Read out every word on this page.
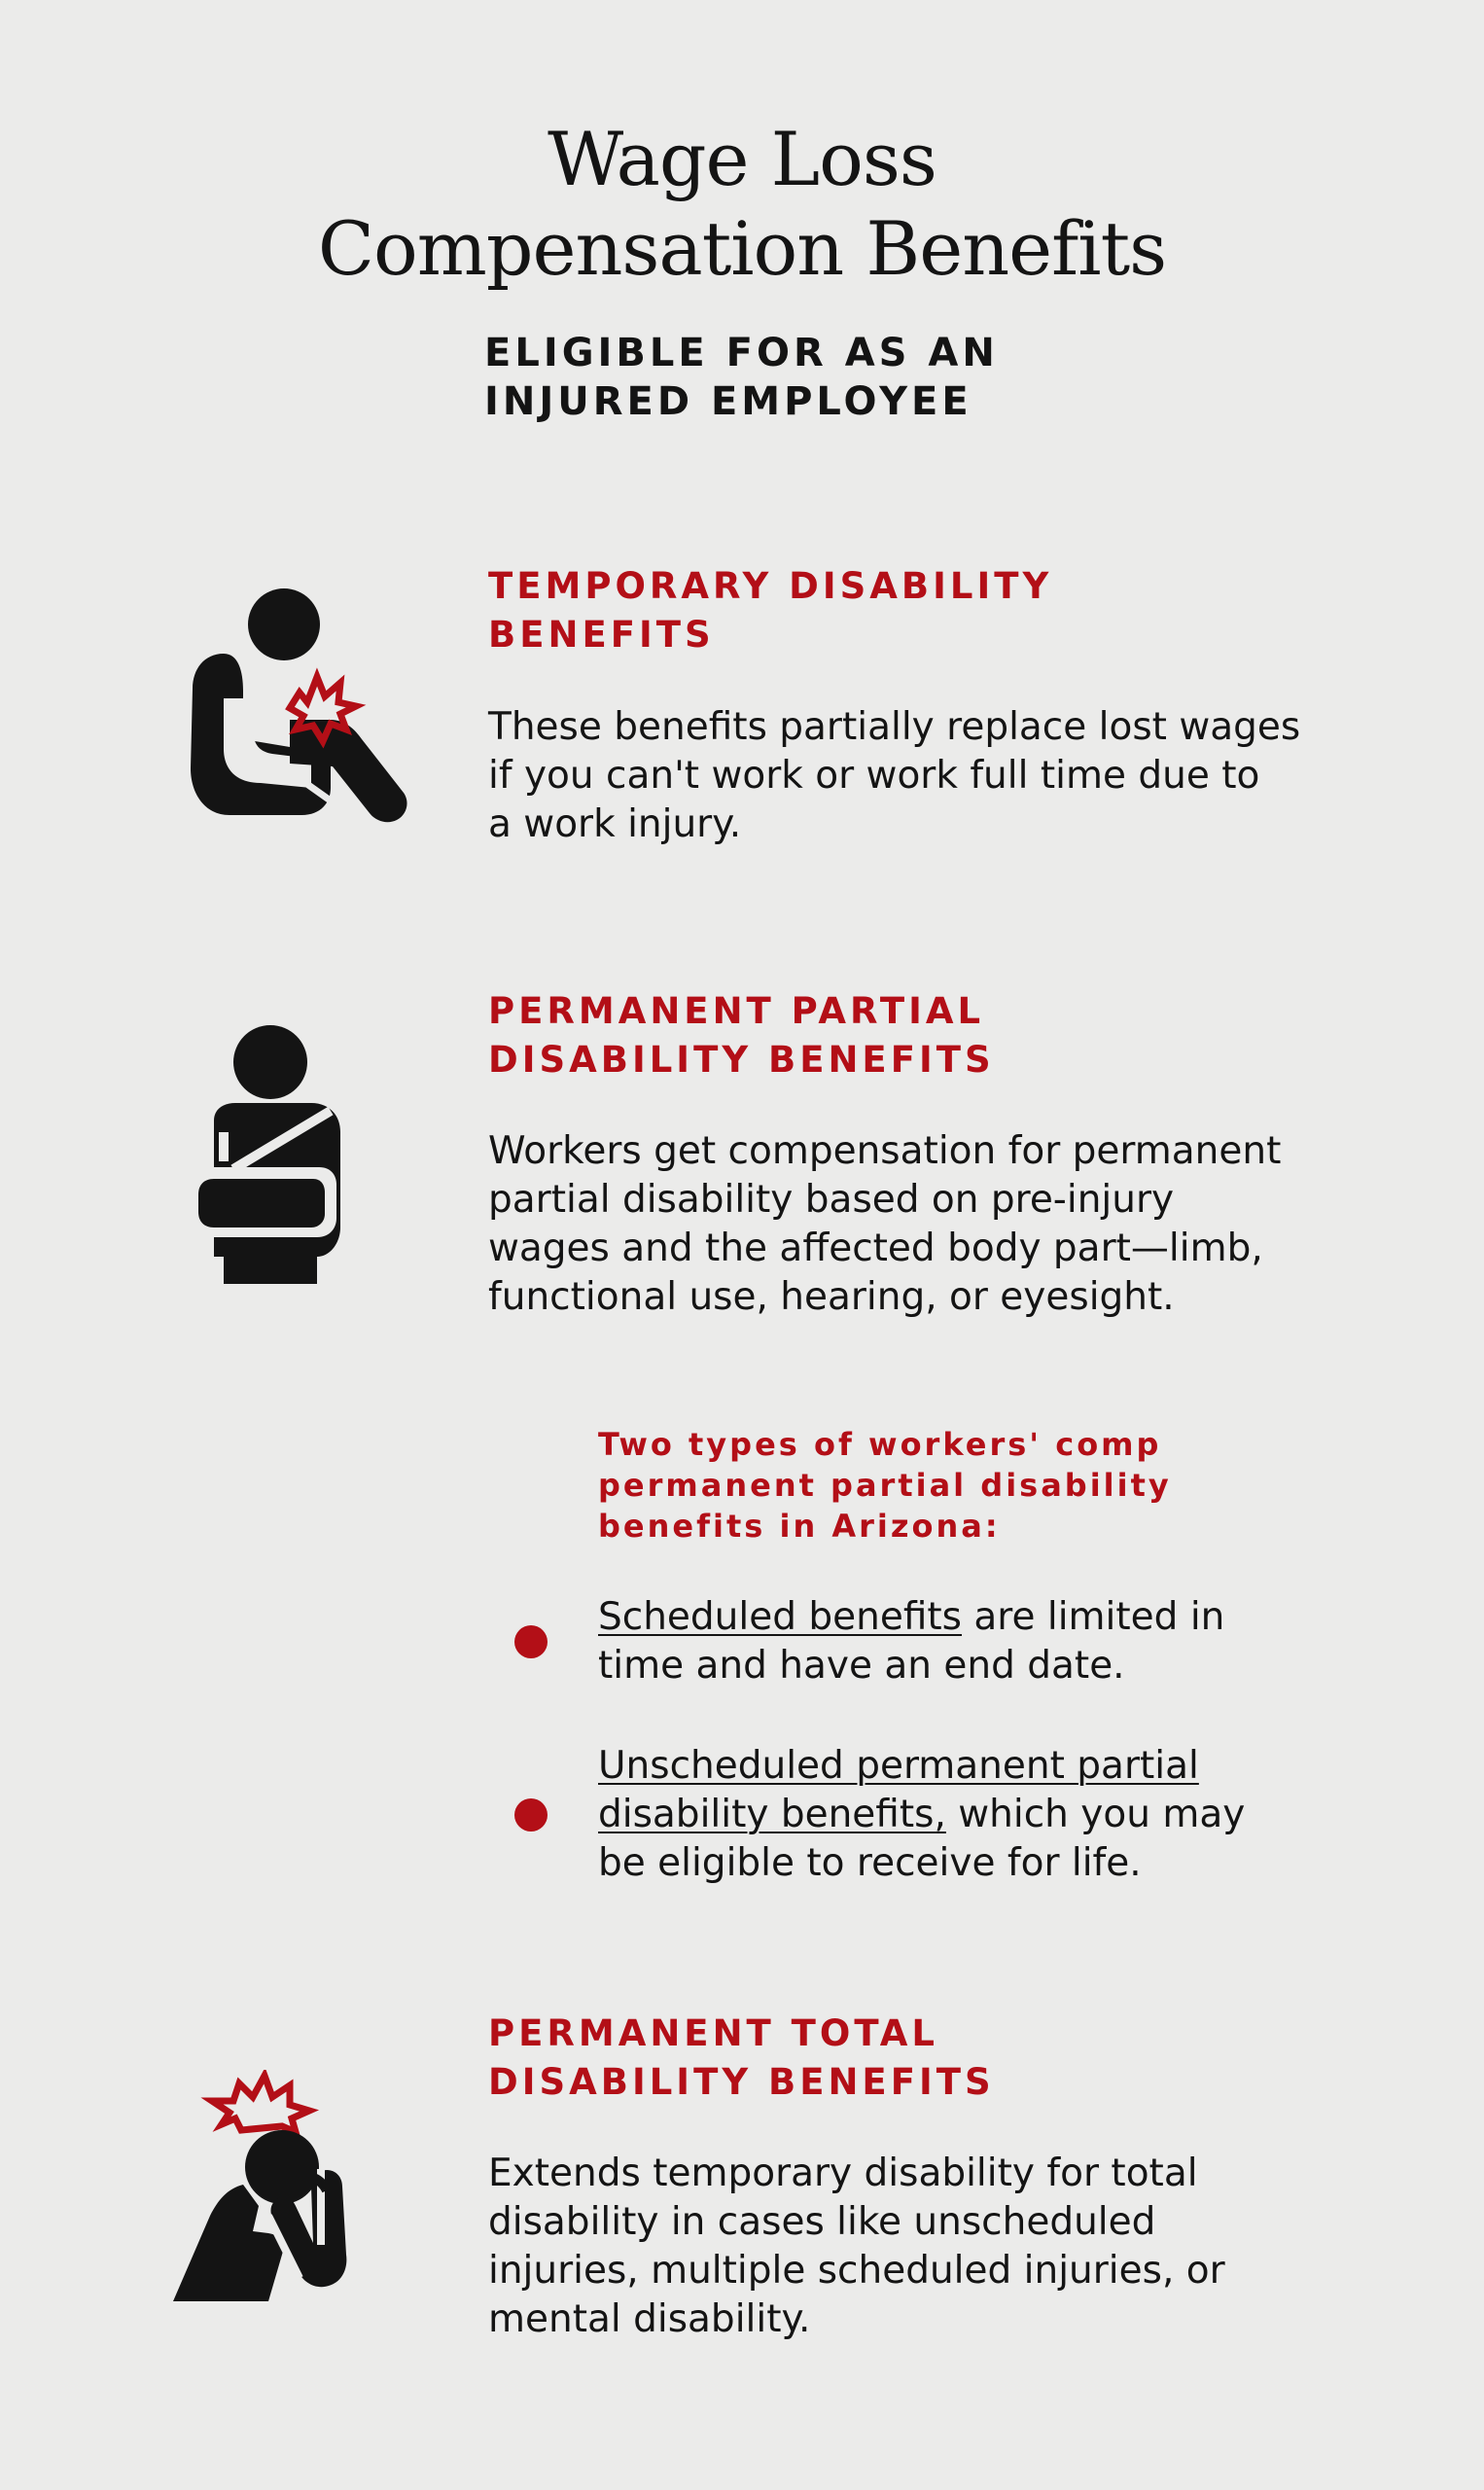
Wage Loss
Compensation Benefits
ELIGIBLE FOR AS AN
INJURED EMPLOYEE
TEMPORARY DISABILITY
BENEFITS
These benefits partially replace lost wages
if you can't work or work full time due to
a work injury.
PERMANENT PARTIAL
DISABILITY BENEFITS
Workers get compensation for permanent
partial disability based on pre-injury
wages and the affected body part—limb,
functional use, hearing, or eyesight.
Two types of workers' comp
permanent partial disability
benefits in Arizona:
Scheduled benefits are limited in
time and have an end date.
Unscheduled permanent partial
disability benefits, which you may
be eligible to receive for life.
PERMANENT TOTAL
DISABILITY BENEFITS
Extends temporary disability for total
disability in cases like unscheduled
injuries, multiple scheduled injuries, or
mental disability.
